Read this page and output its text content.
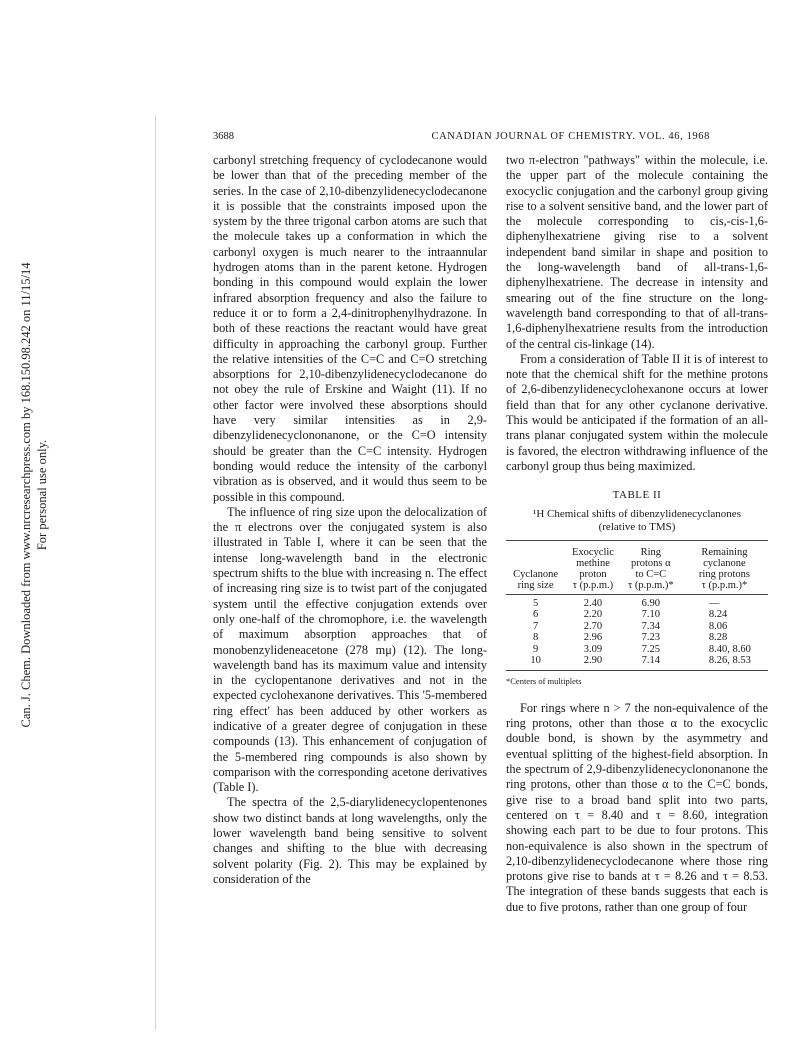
Can. J. Chem. Downloaded from www.nrcresearchpress.com by 168.150.98.242 on 11/15/14 For personal use only.
3688	CANADIAN JOURNAL OF CHEMISTRY. VOL. 46, 1968

carbonyl stretching frequency of cyclodecanone would be lower than that of the preceding member of the series. In the case of 2,10-dibenzylidenecyclodecanone it is possible that the constraints imposed upon the system by the three trigonal carbon atoms are such that the molecule takes up a conformation in which the carbonyl oxygen is much nearer to the intraannular hydrogen atoms than in the parent ketone. Hydrogen bonding in this compound would explain the lower infrared absorption frequency and also the failure to reduce it or to form a 2,4-dinitrophenylhydrazone. In both of these reactions the reactant would have great difficulty in approaching the carbonyl group. Further the relative intensities of the C=C and C=O stretching absorptions for 2,10-dibenzylidenecyclodecanone do not obey the rule of Erskine and Waight (11). If no other factor were involved these absorptions should have very similar intensities as in 2,9-dibenzylidenecyclononanone, or the C=O intensity should be greater than the C=C intensity. Hydrogen bonding would reduce the intensity of the carbonyl vibration as is observed, and it would thus seem to be possible in this compound.

The influence of ring size upon the delocalization of the π electrons over the conjugated system is also illustrated in Table I, where it can be seen that the intense long-wavelength band in the electronic spectrum shifts to the blue with increasing n. The effect of increasing ring size is to twist part of the conjugated system until the effective conjugation extends over only one-half of the chromophore, i.e. the wavelength of maximum absorption approaches that of monobenzylideneacetone (278 mμ) (12). The long-wavelength band has its maximum value and intensity in the cyclopentanone derivatives and not in the expected cyclohexanone derivatives. This '5-membered ring effect' has been adduced by other workers as indicative of a greater degree of conjugation in these compounds (13). This enhancement of conjugation of the 5-membered ring compounds is also shown by comparison with the corresponding acetone derivatives (Table I).

The spectra of the 2,5-diarylidenecyclopentenones show two distinct bands at long wavelengths, only the lower wavelength band being sensitive to solvent changes and shifting to the blue with decreasing solvent polarity (Fig. 2). This may be explained by consideration of the

two π-electron "pathways" within the molecule, i.e. the upper part of the molecule containing the exocyclic conjugation and the carbonyl group giving rise to a solvent sensitive band, and the lower part of the molecule corresponding to cis,-cis-1,6-diphenylhexatriene giving rise to a solvent independent band similar in shape and position to the long-wavelength band of all-trans-1,6-diphenylhexatriene. The decrease in intensity and smearing out of the fine structure on the long-wavelength band corresponding to that of all-trans-1,6-diphenylhexatriene results from the introduction of the central cis-linkage (14).

From a consideration of Table II it is of interest to note that the chemical shift for the methine protons of 2,6-dibenzylidenecyclohexanone occurs at lower field than that for any other cyclanone derivative. This would be anticipated if the formation of an all-trans planar conjugated system within the molecule is favored, the electron withdrawing influence of the carbonyl group thus being maximized.

TABLE II
¹H Chemical shifts of dibenzylidenecyclanones
(relative to TMS)
Cyclanone
ring size	Exocyclic
methine
proton
τ (p.p.m.)	Ring
protons α
to C=C
τ (p.p.m.)*	Remaining
cyclanone
ring protons
τ (p.p.m.)*

5	2.40	6.90	—
6	2.20	7.10	8.24
7	2.70	7.34	8.06
8	2.96	7.23	8.28
9	3.09	7.25	8.40, 8.60
10	2.90	7.14	8.26, 8.53
*Centers of multiplets

For rings where n > 7 the non-equivalence of the ring protons, other than those α to the exocyclic double bond, is shown by the asymmetry and eventual splitting of the highest-field absorption. In the spectrum of 2,9-dibenzylidenecyclononanone the ring protons, other than those α to the C=C bonds, give rise to a broad band split into two parts, centered on τ = 8.40 and τ = 8.60, integration showing each part to be due to four protons. This non-equivalence is also shown in the spectrum of 2,10-dibenzylidenecyclodecanone where those ring protons give rise to bands at τ = 8.26 and τ = 8.53. The integration of these bands suggests that each is due to five protons, rather than one group of four
